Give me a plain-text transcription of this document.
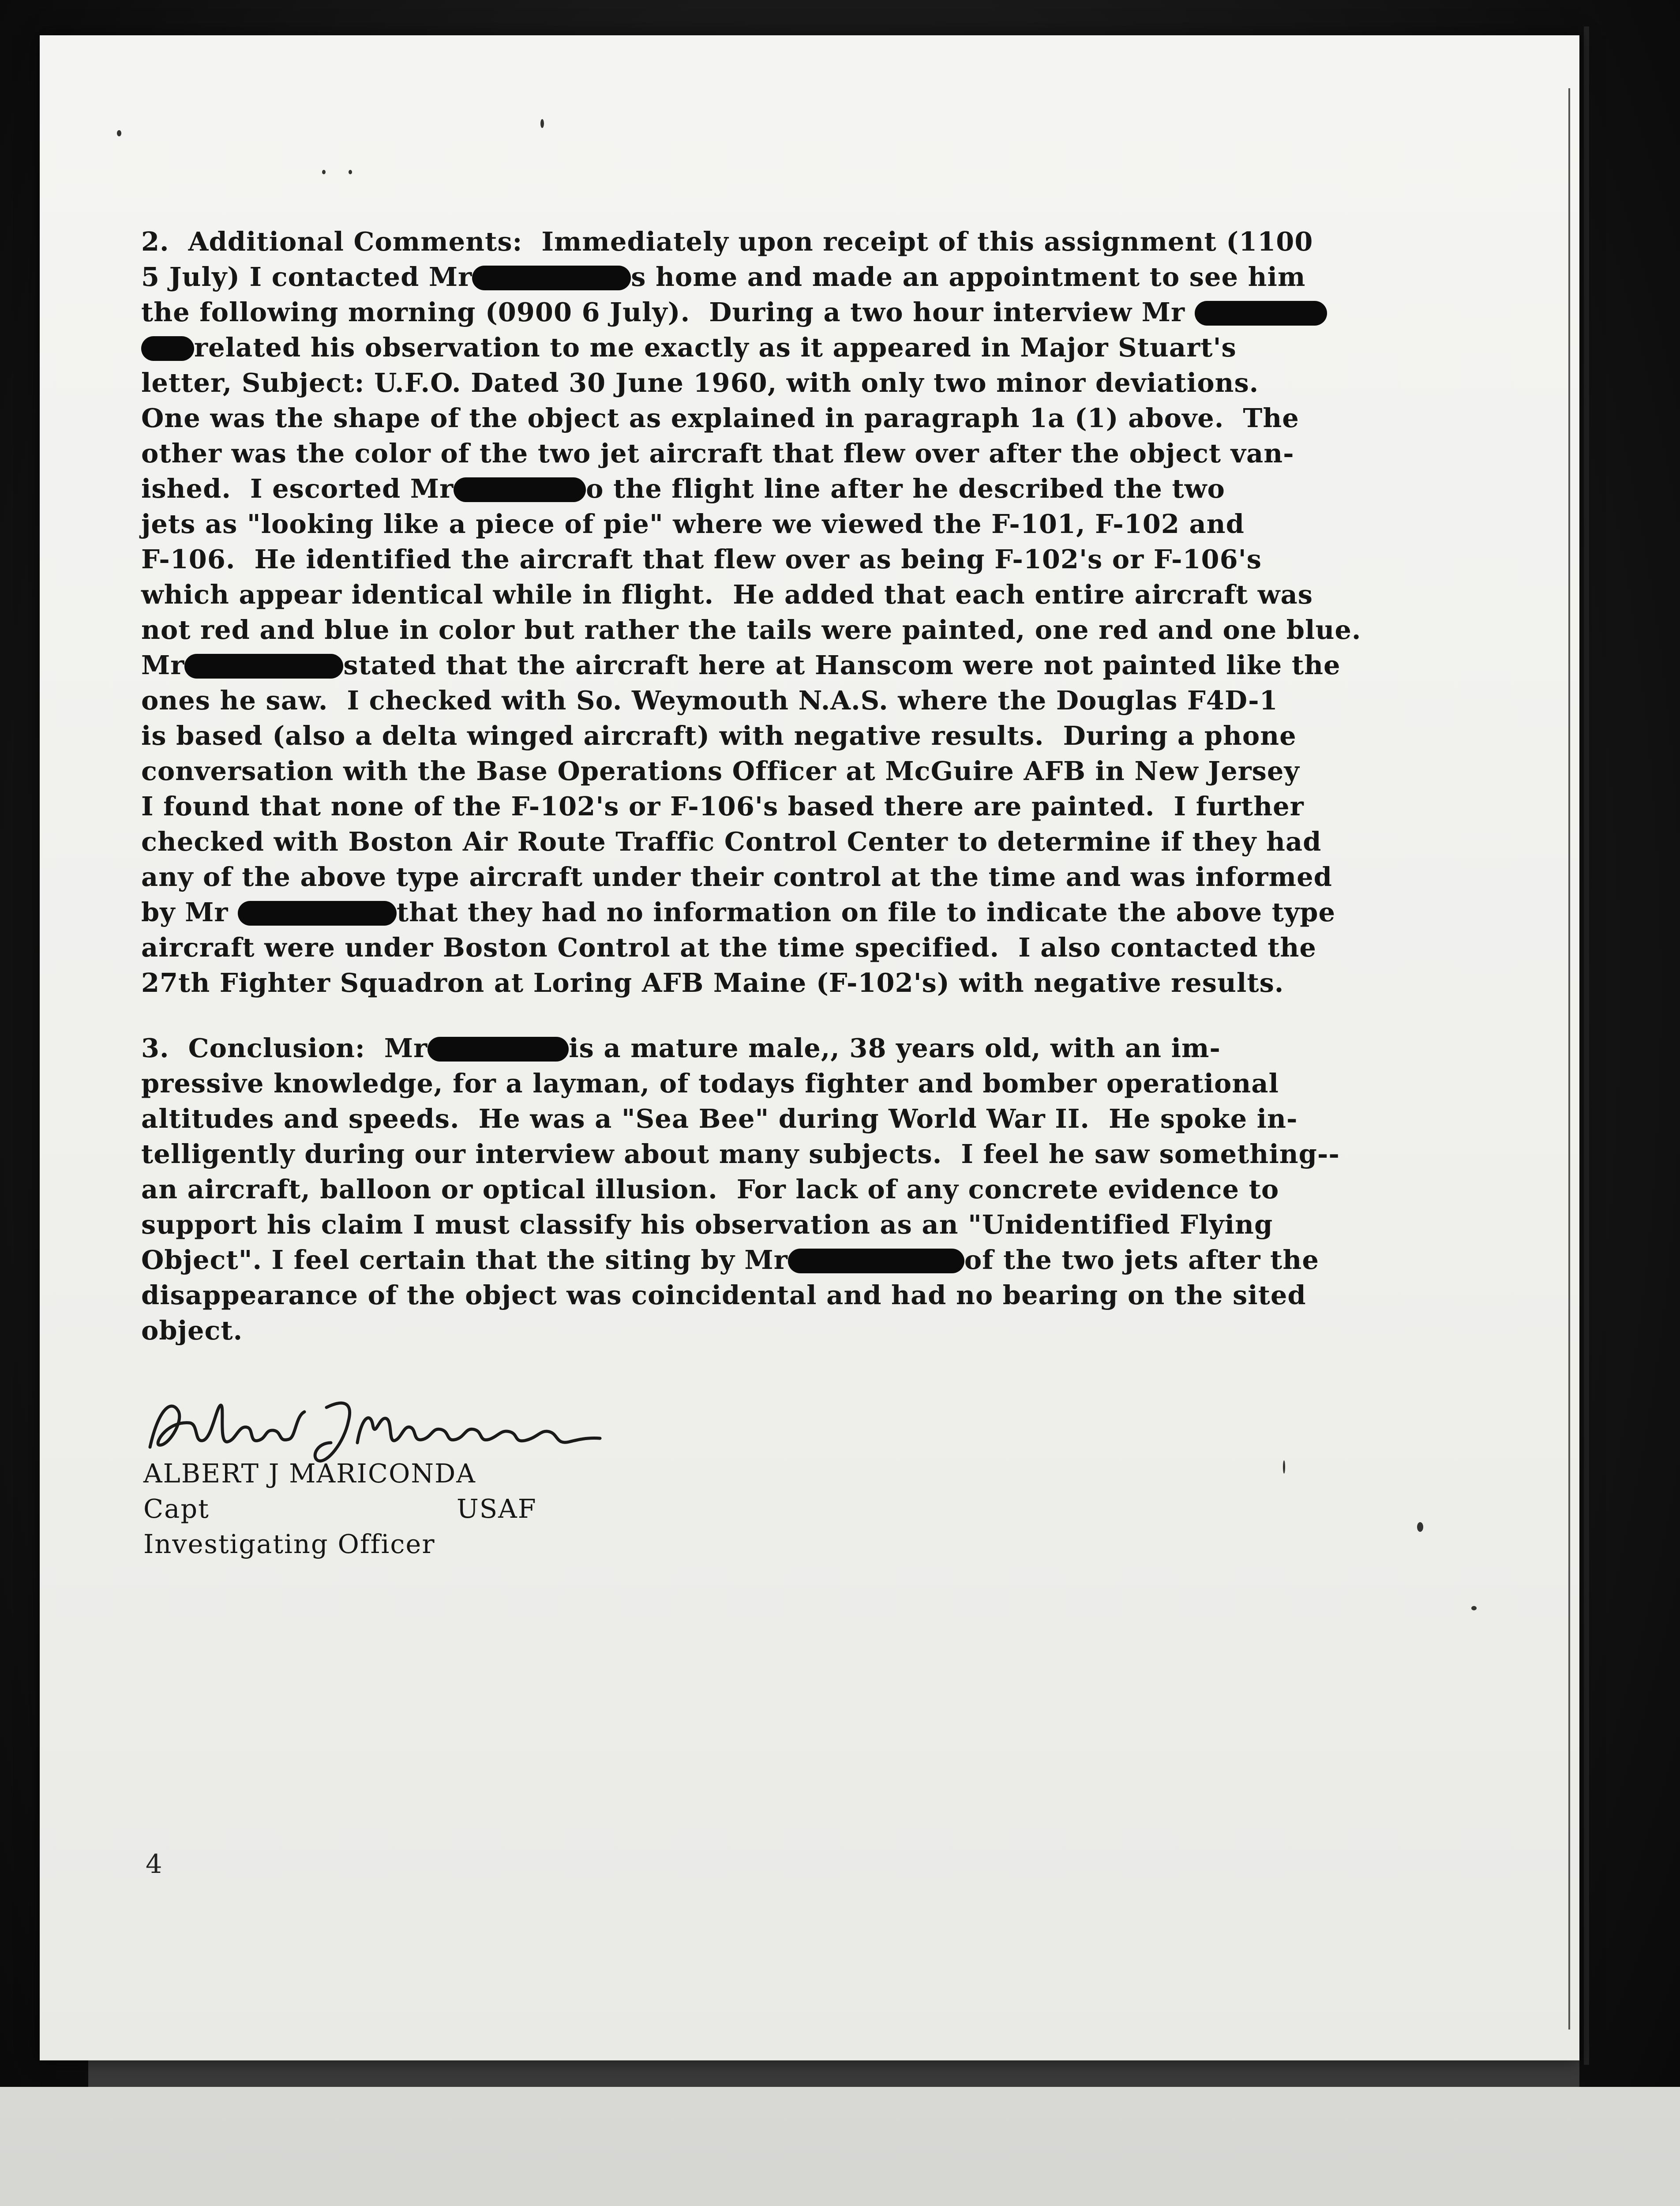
2.  Additional Comments:  Immediately upon receipt of this assignment (1100
5 July) I contacted Mr	s home and made an appointment to see him
the following morning (0900 6 July).  During a two hour interview Mr
related his observation to me exactly as it appeared in Major Stuart's
letter, Subject: U.F.O. Dated 30 June 1960, with only two minor deviations.
One was the shape of the object as explained in paragraph 1a (1) above.  The
other was the color of the two jet aircraft that flew over after the object van-
ished.  I escorted Mr	o the flight line after he described the two
jets as "looking like a piece of pie" where we viewed the F-101, F-102 and
F-106.  He identified the aircraft that flew over as being F-102's or F-106's
which appear identical while in flight.  He added that each entire aircraft was
not red and blue in color but rather the tails were painted, one red and one blue.
Mr	stated that the aircraft here at Hanscom were not painted like the
ones he saw.  I checked with So. Weymouth N.A.S. where the Douglas F4D-1
is based (also a delta winged aircraft) with negative results.  During a phone
conversation with the Base Operations Officer at McGuire AFB in New Jersey
I found that none of the F-102's or F-106's based there are painted.  I further
checked with Boston Air Route Traffic Control Center to determine if they had
any of the above type aircraft under their control at the time and was informed
by Mr	that they had no information on file to indicate the above type
aircraft were under Boston Control at the time specified.  I also contacted the
27th Fighter Squadron at Loring AFB Maine (F-102's) with negative results.
3.  Conclusion:  Mr	is a mature male,, 38 years old, with an im-
pressive knowledge, for a layman, of todays fighter and bomber operational
altitudes and speeds.  He was a "Sea Bee" during World War II.  He spoke in-
telligently during our interview about many subjects.  I feel he saw something--
an aircraft, balloon or optical illusion.  For lack of any concrete evidence to
support his claim I must classify his observation as an "Unidentified Flying
Object". I feel certain that the siting by Mr	of the two jets after the
disappearance of the object was coincidental and had no bearing on the sited
object.
ALBERT J MARICONDA
Capt	USAF
Investigating Officer
4
